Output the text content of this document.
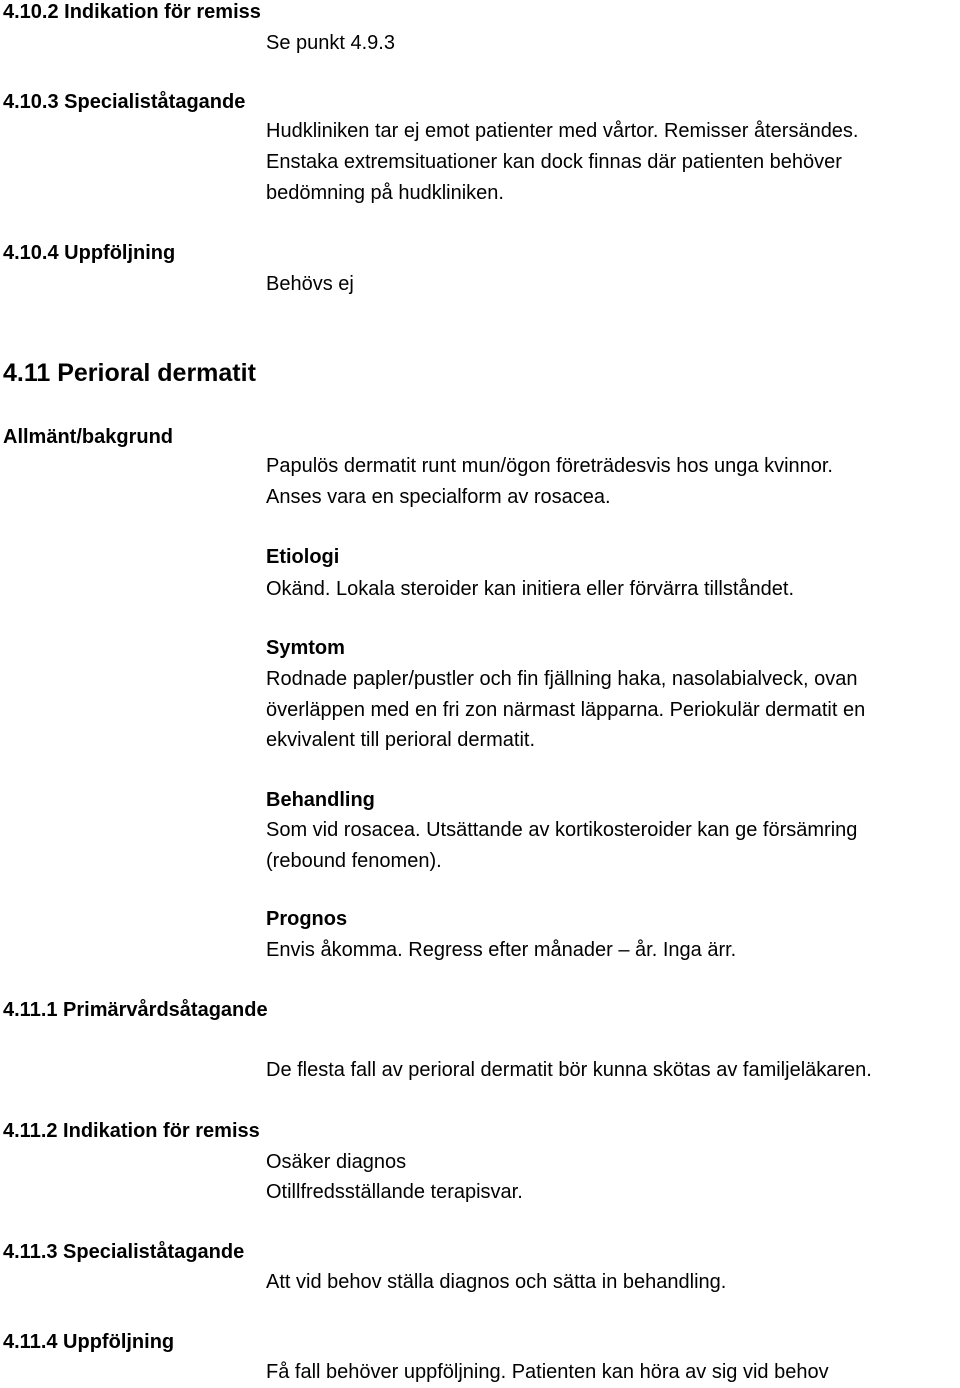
4.10.2 Indikation för remiss
Se punkt 4.9.3
4.10.3 Specialiståtagande
Hudkliniken tar ej emot patienter med vårtor. Remisser återsändes.
Enstaka extremsituationer kan dock finnas där patienten behöver
bedömning på hudkliniken.
4.10.4 Uppföljning
Behövs ej
4.11 Perioral dermatit
Allmänt/bakgrund
Papulös dermatit runt mun/ögon företrädesvis hos unga kvinnor.
Anses vara en specialform av rosacea.
Etiologi
Okänd. Lokala steroider kan initiera eller förvärra tillståndet.
Symtom
Rodnade papler/pustler och fin fjällning haka, nasolabialveck, ovan
överläppen med en fri zon närmast läpparna. Periokulär dermatit en
ekvivalent till perioral dermatit.
Behandling
Som vid rosacea. Utsättande av kortikosteroider kan ge försämring
(rebound fenomen).
Prognos
Envis åkomma. Regress efter månader – år. Inga ärr.
4.11.1 Primärvårdsåtagande
De flesta fall av perioral dermatit bör kunna skötas av familjeläkaren.
4.11.2 Indikation för remiss
Osäker diagnos
Otillfredsställande terapisvar.
4.11.3 Specialiståtagande
Att vid behov ställa diagnos och sätta in behandling.
4.11.4 Uppföljning
Få fall behöver uppföljning. Patienten kan höra av sig vid behov
